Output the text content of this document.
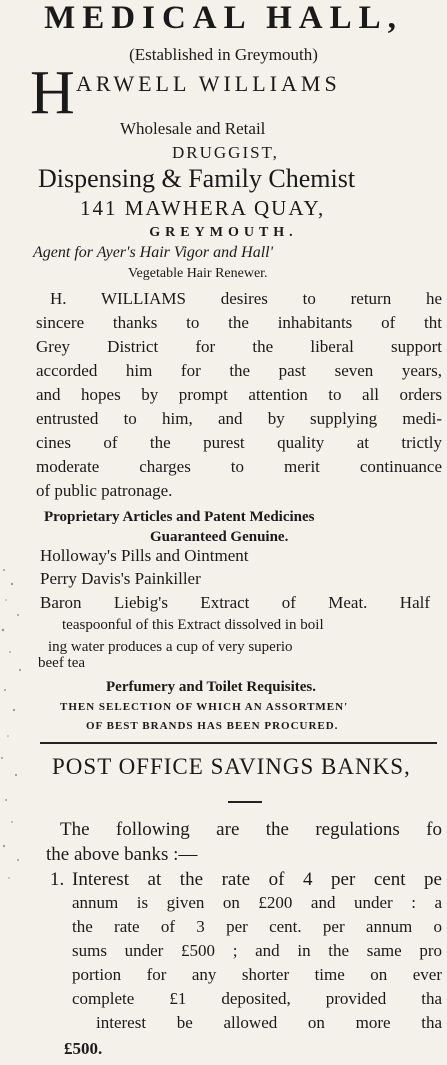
MEDICAL HALL,
(Established in Greymouth)
H ARWELL WILLIAMS
Wholesale and Retail
DRUGGIST,
Dispensing & Family Chemist
141 MAWHERA QUAY,
GREYMOUTH.
Agent for Ayer's Hair Vigor and Hall'
Vegetable Hair Renewer.
H. WILLIAMS desires to return he
sincere thanks to the inhabitants of tht
Grey District for the liberal support
accorded him for the past seven years,
and hopes by prompt attention to all orders
entrusted to him, and by supplying medi-
cines of the purest quality at trictly
moderate charges to merit continuance
of public patronage.
Proprietary Articles and Patent Medicines
Guaranteed Genuine.
Holloway's Pills and Ointment
Perry Davis's Painkiller
Baron Liebig's Extract of Meat. Half
teaspoonful of this Extract dissolved in boil
ing water produces a cup of very superio
beef tea
Perfumery and Toilet Requisites.
THEN SELECTION OF WHICH AN ASSORTMEN'
OF BEST BRANDS HAS BEEN PROCURED.
POST OFFICE SAVINGS BANKS,
The following are the regulations fo
the above banks :—
1. Interest at the rate of 4 per cent pe
annum is given on £200 and under : a
the rate of 3 per cent. per annum o
sums under £500 ; and in the same pro
portion for any shorter time on ever
complete £1 deposited, provided tha
interest be allowed on more tha
£500.
